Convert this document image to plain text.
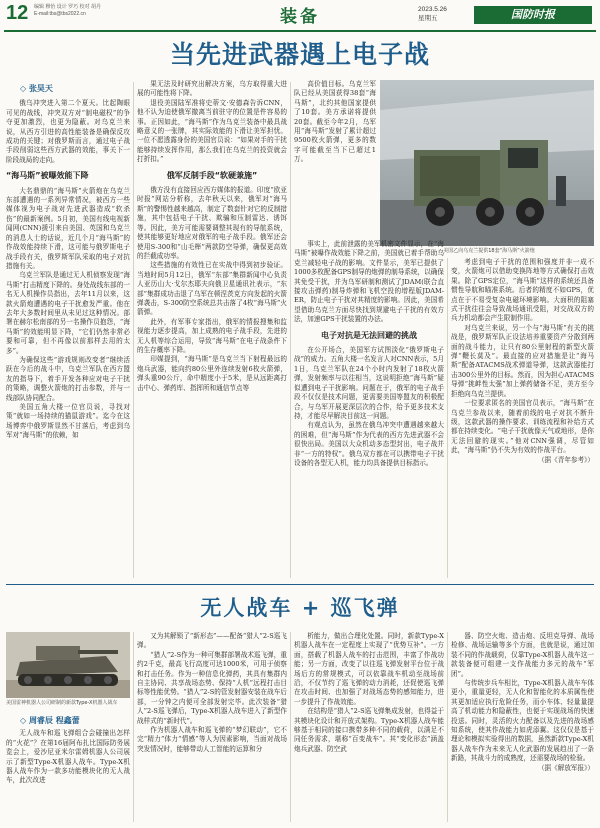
12 编辑 穆怡 设计 罗巧 校对 胡丹
E-mail:tbs@tbs2022.cn	装备	2023.5.26
星期五	国防时报
当先进武器遇上电子战
◇ 张昊天

俄乌冲突进入第二个夏天。比起陶眼可见的战线，冲突双方对“制电磁权”的争夺更加激烈，也更为隐蔽。对乌克兰来说，从西方引进的高性能装备是确保反攻成功的关键；对俄罗斯而言，通过电子战手段削弱这些西方武器的效能，事关下一阶段战局的走向。

“海马斯”被曝效能下降

大名鼎鼎的“海马斯”火箭炮在乌克兰东部遭遇的一系列异常情况，被西方一些媒体视为电子战对先进武器造成“软杀伤”的最新案例。5月初，美国有线电视新闻网(CNN)援引来自美国、英国和乌克兰的消息人士的话说，近几个月“海马斯”的作战效能持续下滑，这可能与俄罗斯电子战手段有关，俄罗斯军队采取的电子对抗措施有关。

乌克兰军队是通过无人机侦察发现“海马斯”打击精度下降的。身处战线东部的一名无人机操作员指出，去年11月以来，这款火箭炮遭遇的电子干扰愈发严重。他在去年大多数时间里从未见过这种情况。部署在赫尔松南部的另一名操作员抱怨，“海马斯”的效能明显下降，“它们仍然非常必要和可靠，但不再像以前那样去用的太多”。

为确保这些“游戏规则改变者”继续活跃在今后的战斗中，乌克兰军队在西方盟友的指导下，着手开发各种应对电子干扰的策略，调整火箭炮的打击参数，并与一线部队协同配合。

美国五角大楼一位官员说，寻找对策“就如一场持续的猫鼠游戏”。迄今在这场博弈中俄罗斯显然不甘落后，考虑到乌军对“海马斯”的依赖，如

果无法及时研究出解决方案，乌方取得重大进展的可能性将下降。

退役美国陆军准将史蒂文·安德森告诉CNN，他不认为迫使俄军撤离当前驻守的位置是件容易的事。正因如此，“海马斯”作为乌克兰装备中最具战略意义的一张牌，其实际效能的下滑让美军担忧。一位不愿透露身份的美国官员说：“如果对手的干扰能够持续发挥作用，那么我们在乌克兰的投资就会打折扣。”

俄军反制手段“软硬兼施”

俄方没有直接回应西方媒体的报道。印度“欧亚时报”网站分析称，去年秋天以来，俄军对“海马斯”的警惕性越来越高，制定了数套针对它的反制措施，其中包括电子干扰、欺骗和压制雷达、诱饵等。因此，美方可能需要调整其现有的导航系统，使其能够更好地应对俄军的电子战手段。俄军还会使用S-300和“山毛榉”两款防空导弹，确保更高效的拦截成功率。

这些措施的有效性已在实战中得到初步验证。当地时间5月12日，俄军“东部”集群新闻中心负责人亚历山大·戈尔杰耶夫向俄卫星通讯社表示，“东部”集群成功击退了乌军在顿涅茨克方向发起的火箭弹袭击，S-300防空系统总共击落了4枚“海马斯”火箭弹。

此外，有军事专家指出，俄军的情报搜集和监视能力逐步提高，加上成熟的电子战手段，先进的无人机等综合运用，导致“海马斯”在电子战条件下的生存概率下降。

印媒提到，“海马斯”是乌克兰当下射程最远的炮兵武器，能向约80公里外连续发射6枚火箭弹，弹头重90公斤，命中精度小于5米，是从远距离打击中心、弹药库、指挥所和通信节点等

高价值目标。乌克兰军队已经从美国获得38套“海马斯”，北约其他国家提供了10套。美方承诺将提供20套。截至今年2月，乌军用“海马斯”发射了累计超过9500枚火箭弹，更多的数字可能截至当下已超过1万。

美国乙向乌克兰提供18套“海马斯”火箭炮

事实上，此前泄露的美军机密文件显示，在“海马斯”被曝作战效能下降之前，美国就已着手帮助乌克兰减轻电子战的影响。文件显示，美军已提供了1000多枚配备GPS制导的炮弹的制导系统，以确保其免受干扰，并为乌军研制和测试了JDAM(联合直接攻击弹药)制导炸弹和飞机空投的增程版JDAM-ER，防止电子干扰对其精度的影响。因此，美国希望借助乌克兰方面尽快找到规避电子干扰的有效方法，加速GPS干扰装置的办法。

电子对抗是无法回避的挑战

在公开场合，美国军方试图淡化“俄罗斯电子战”的威力。五角大楼一名发言人对CNN表示，5月1日，乌克兰军队在24个小时内发射了18枚火箭弹，发射频率与以往相当，这说明拒绝“海马斯”疑似遭到电子干扰影响。问题在于，俄军的电子战手段不仅仅是技术问题，更需要美国等盟友的积极配合，与乌军开展更深层次的合作，给予更多技术支持，才能尽早解决目前这一问题。

有观点认为，虽然在俄乌冲突中遭遇越来越大的困难，但“海马斯”作为代表的西方先进武器不会很快出局。美国以大众机动多态型封出，电子战并非“一方的特权”。俄乌双方都在可以携带电子干扰设备的各型无人机，能力均具备提供目标指示。

考虑到电子干扰的范围和强度并非一成不变，火箭炮可以借助变换阵地等方式确保打击效果。除了GPS定位，“海马斯”这样的系统还具备惯性导航和瞄准系统。后者的精度不如GPS，优点在于不易受复杂电磁环境影响。大面积的阻塞式干扰往往会导致战场通讯受阻，对交战双方的兵力机动都会产生限制作用。

对乌克兰来说，另一个与“海马斯”有关的挑战是，俄罗斯军队正设法培养重要资产分散到两面的战斗能力，让只有80公里射程的新型火箭弹“鞭长莫及”。最直接的应对措施是让“海马斯”配备ATACMS战术弹道导弹，这款武器能打击300公里外的目标。然而，因为担心ATACMS导弹“挑衅性太强”加上弹药储备不足，美方至今拒绝向乌克兰提供。

一位要求匿名的美国官员表示，“海马斯”在乌克兰参战以来，随着前线的电子对抗不断升级，这款武器的操作要求、训练流程和补给方式都在持续变化。“电子干扰就像天气或地形，是你无法回避的现实。”他对CNN强调，尽管如此，“海马斯”仍不失为有效的作战平台。

（据《青年参考》）

无人战车 + 巡飞弹
美国雷神机器人公司研制的新款Type-X机器人战车
◇ 周睿辰 程鑫蕾

无人战车和巡飞弹组合会碰撞出怎样的“火花”？在第16届阿布扎比国际防务展览会上，爱沙尼亚米尔雷姆机器人公司展示了新型Type-X机器人战车。Type-X机器人战车作为一款多功能模块化的无人战车，此次改进

又为其解锁了“新形态”——配备“猎人”2-S巡飞弹。

“猎人”2-S作为一种可集群部署战术巡飞弹，重约2千克，最高飞行高度可达1000米，可用于侦察和打击任务。作为一种信息化弹药，其具有集群内自主协同、共享战场态势、保持“人机”远程打击目标等性能优势。“猎人”2-S的管发射器安装在战车后部，一分钟之内便可全部发射完毕。此次装备“猎人”2-S巡飞弹后，Type-X机器人战车进入了新型作战样式的“新时代”。

作为机器人战车和巡飞弹的“梦幻联动”，它不完“精力”体力“情感”等人为因素影响，当面对战场突发情况时，能够带动人工智能的运算和分

析能力，做出合理化处置。同时，新款Type-X机器人战车在一定程度上实现了“优势互补”。一方面，搭载了机器人战车的打击范围，丰富了作战功能；另一方面，改变了以往巡飞弹发射平台位于战场后方的常规模式，可以依靠战车机动至战场前沿，不仅节约了巡飞弹的动力消耗，还促使巡飞弹在攻击时间、也加强了对战场态势的感知能力，进一步提升了作战效能。

在结构是“猎人”2-S巡飞弹集成发射，也得益于其模块化设计和开放式架构。Type-X机器人战车能够基于相同的接口携带多种不同的载荷，以满足不同任务需求，堪称“百变战车”。其“变化形态”涵盖炮兵武器、防空武

器、防空火炮、造击炮、反坦克导弹、战场检修、战场运输等多个方面，也就是说，通过加装不同的作战载荷，仅靠Type-X机器人战车这一款装备便可组建一支作战能力多元的战车“军团”。

与传统步兵车相比，Type-X机器人战车车体更小，重量更轻，无人化和智能化的本质属性使其更加适应执行危险任务，而小车体、轻量量提高了机动能力和隐蔽性，也便于实现战场的快速投送。同时，灵活的火力配备以及先进的战场感知系统，使其作战能力如虎添翼。这仅仅是基于理论和模拟实验得出的数据，虽然新款Type-X机器人战车作为未来无人化武器的发展趋出了一条新路，其战斗力的成熟度，还需要战场的检验。

（据《解放军报》）
